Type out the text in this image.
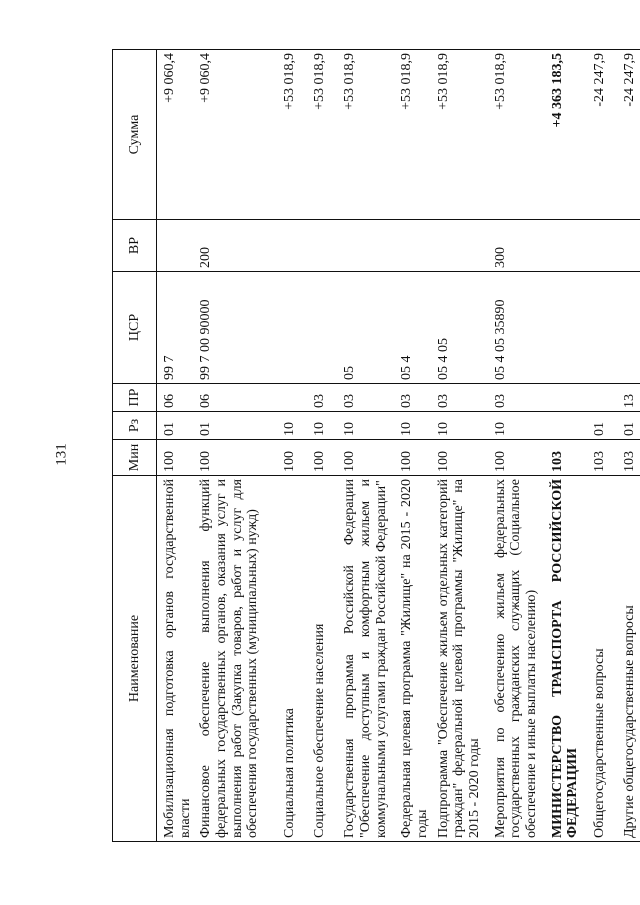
131
Наименование	Мин	Рз	ПР	ЦСР	ВР	Сумма
Мобилизационная подготовка органов государственной власти	100	01	06	99 7		+9 060,4
Финансовое обеспечение выполнения функций федеральных государственных органов, оказания услуг и выполнения работ (Закупка товаров, работ и услуг для обеспечения государственных (муниципальных) нужд)	100	01	06	99 7 00 90000	200	+9 060,4
Социальная политика	100	10				+53 018,9
Социальное обеспечение населения	100	10	03			+53 018,9
Государственная программа Российской Федерации "Обеспечение доступным и комфортным жильем и коммунальными услугами граждан Российской Федерации"	100	10	03	05		+53 018,9
Федеральная целевая программа "Жилище" на 2015 - 2020 годы	100	10	03	05 4		+53 018,9
Подпрограмма "Обеспечение жильем отдельных категорий граждан" федеральной целевой программы "Жилище" на 2015 - 2020 годы	100	10	03	05 4 05		+53 018,9
Мероприятия по обеспечению жильем федеральных государственных гражданских служащих (Социальное обеспечение и иные выплаты населению)	100	10	03	05 4 05 35890	300	+53 018,9
МИНИСТЕРСТВО ТРАНСПОРТА РОССИЙСКОЙ ФЕДЕРАЦИИ	103					+4 363 183,5
Общегосударственные вопросы	103	01				-24 247,9
Другие общегосударственные вопросы	103	01	13			-24 247,9
